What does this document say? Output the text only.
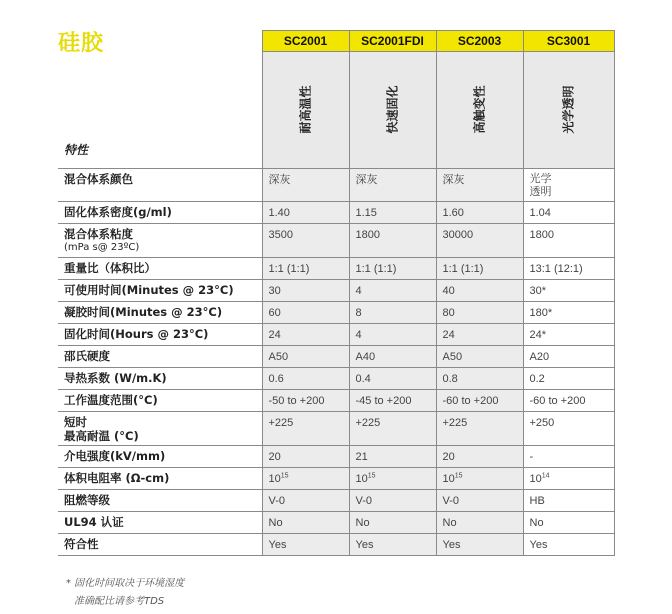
硅胶
		SC2001	SC2001FDI	SC2003	SC3001
特性	耐高温性	快速固化	高触变性	光学透明
混合体系颜色	深灰	深灰	深灰	光学
透明
固化体系密度(g/ml)	1.40	1.15	1.60	1.04
混合体系粘度
(mPa s@ 23ºC)	3500	1800	30000	1800
重量比（体积比）	1:1 (1:1)	1:1 (1:1)	1:1 (1:1)	13:1 (12:1)
可使用时间(Minutes @ 23°C)	30	4	40	30*
凝胶时间(Minutes @ 23°C)	60	8	80	180*
固化时间(Hours @ 23°C)	24	4	24	24*
邵氏硬度	A50	A40	A50	A20
导热系数 (W/m.K)	0.6	0.4	0.8	0.2
工作温度范围(°C)	-50 to +200	-45 to +200	-60 to +200	-60 to +200
短时
最高耐温 (°C)	+225	+225	+225	+250
介电强度(kV/mm)	20	21	20	-
体积电阻率 (Ω-cm)	$10^{15}$	$10^{15}$	$10^{15}$	$10^{14}$
阻燃等级	V-0	V-0	V-0	HB
UL94 认证	No	No	No	No
符合性	Yes	Yes	Yes	Yes
* 固化时间取决于环境湿度
准确配比请参考TDS
